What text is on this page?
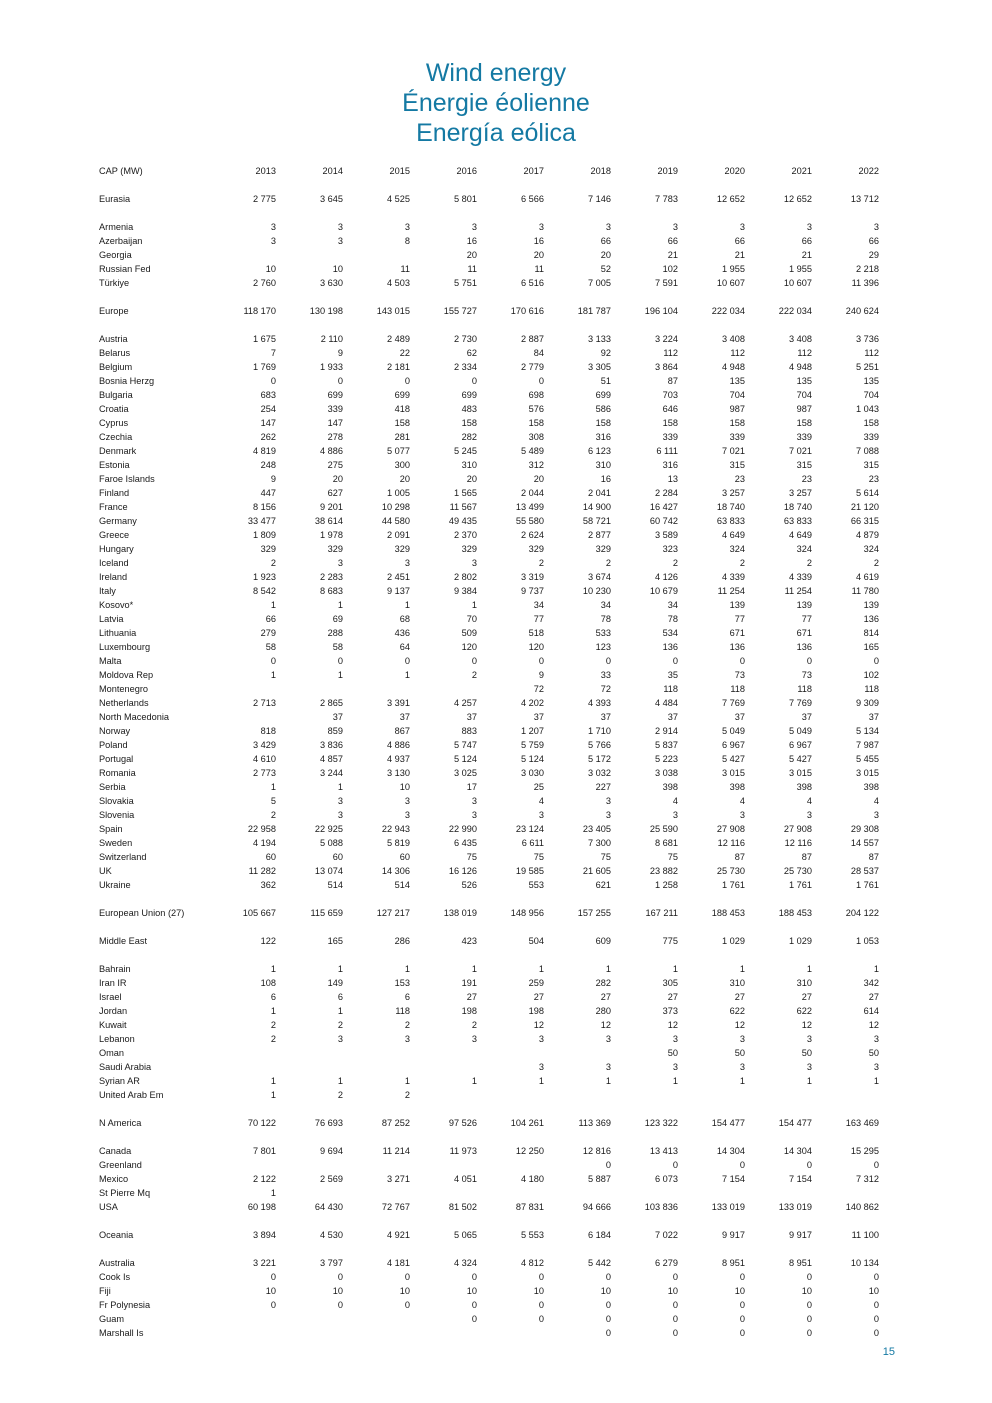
Wind energy
Énergie éolienne
Energía eólica
CAP (MW)	2013	2014	2015	2016	2017	2018	2019	2020	2021	2022

Eurasia	2 775	3 645	4 525	5 801	6 566	7 146	7 783	12 652	12 652	13 712

Armenia	3	3	3	3	3	3	3	3	3	3
Azerbaijan	3	3	8	16	16	66	66	66	66	66
Georgia				20	20	20	21	21	21	29
Russian Fed	10	10	11	11	11	52	102	1 955	1 955	2 218
Türkiye	2 760	3 630	4 503	5 751	6 516	7 005	7 591	10 607	10 607	11 396

Europe	118 170	130 198	143 015	155 727	170 616	181 787	196 104	222 034	222 034	240 624

Austria	1 675	2 110	2 489	2 730	2 887	3 133	3 224	3 408	3 408	3 736
Belarus	7	9	22	62	84	92	112	112	112	112
Belgium	1 769	1 933	2 181	2 334	2 779	3 305	3 864	4 948	4 948	5 251
Bosnia Herzg	0	0	0	0	0	51	87	135	135	135
Bulgaria	683	699	699	699	698	699	703	704	704	704
Croatia	254	339	418	483	576	586	646	987	987	1 043
Cyprus	147	147	158	158	158	158	158	158	158	158
Czechia	262	278	281	282	308	316	339	339	339	339
Denmark	4 819	4 886	5 077	5 245	5 489	6 123	6 111	7 021	7 021	7 088
Estonia	248	275	300	310	312	310	316	315	315	315
Faroe Islands	9	20	20	20	20	16	13	23	23	23
Finland	447	627	1 005	1 565	2 044	2 041	2 284	3 257	3 257	5 614
France	8 156	9 201	10 298	11 567	13 499	14 900	16 427	18 740	18 740	21 120
Germany	33 477	38 614	44 580	49 435	55 580	58 721	60 742	63 833	63 833	66 315
Greece	1 809	1 978	2 091	2 370	2 624	2 877	3 589	4 649	4 649	4 879
Hungary	329	329	329	329	329	329	323	324	324	324
Iceland	2	3	3	3	2	2	2	2	2	2
Ireland	1 923	2 283	2 451	2 802	3 319	3 674	4 126	4 339	4 339	4 619
Italy	8 542	8 683	9 137	9 384	9 737	10 230	10 679	11 254	11 254	11 780
Kosovo*	1	1	1	1	34	34	34	139	139	139
Latvia	66	69	68	70	77	78	78	77	77	136
Lithuania	279	288	436	509	518	533	534	671	671	814
Luxembourg	58	58	64	120	120	123	136	136	136	165
Malta	0	0	0	0	0	0	0	0	0	0
Moldova Rep	1	1	1	2	9	33	35	73	73	102
Montenegro					72	72	118	118	118	118
Netherlands	2 713	2 865	3 391	4 257	4 202	4 393	4 484	7 769	7 769	9 309
North Macedonia		37	37	37	37	37	37	37	37	37
Norway	818	859	867	883	1 207	1 710	2 914	5 049	5 049	5 134
Poland	3 429	3 836	4 886	5 747	5 759	5 766	5 837	6 967	6 967	7 987
Portugal	4 610	4 857	4 937	5 124	5 124	5 172	5 223	5 427	5 427	5 455
Romania	2 773	3 244	3 130	3 025	3 030	3 032	3 038	3 015	3 015	3 015
Serbia	1	1	10	17	25	227	398	398	398	398
Slovakia	5	3	3	3	4	3	4	4	4	4
Slovenia	2	3	3	3	3	3	3	3	3	3
Spain	22 958	22 925	22 943	22 990	23 124	23 405	25 590	27 908	27 908	29 308
Sweden	4 194	5 088	5 819	6 435	6 611	7 300	8 681	12 116	12 116	14 557
Switzerland	60	60	60	75	75	75	75	87	87	87
UK	11 282	13 074	14 306	16 126	19 585	21 605	23 882	25 730	25 730	28 537
Ukraine	362	514	514	526	553	621	1 258	1 761	1 761	1 761

European Union (27)	105 667	115 659	127 217	138 019	148 956	157 255	167 211	188 453	188 453	204 122

Middle East	122	165	286	423	504	609	775	1 029	1 029	1 053

Bahrain	1	1	1	1	1	1	1	1	1	1
Iran IR	108	149	153	191	259	282	305	310	310	342
Israel	6	6	6	27	27	27	27	27	27	27
Jordan	1	1	118	198	198	280	373	622	622	614
Kuwait	2	2	2	2	12	12	12	12	12	12
Lebanon	2	3	3	3	3	3	3	3	3	3
Oman							50	50	50	50
Saudi Arabia					3	3	3	3	3	3
Syrian AR	1	1	1	1	1	1	1	1	1	1
United Arab Em	1	2	2							

N America	70 122	76 693	87 252	97 526	104 261	113 369	123 322	154 477	154 477	163 469

Canada	7 801	9 694	11 214	11 973	12 250	12 816	13 413	14 304	14 304	15 295
Greenland						0	0	0	0	0
Mexico	2 122	2 569	3 271	4 051	4 180	5 887	6 073	7 154	7 154	7 312
St Pierre Mq	1									
USA	60 198	64 430	72 767	81 502	87 831	94 666	103 836	133 019	133 019	140 862

Oceania	3 894	4 530	4 921	5 065	5 553	6 184	7 022	9 917	9 917	11 100

Australia	3 221	3 797	4 181	4 324	4 812	5 442	6 279	8 951	8 951	10 134
Cook Is	0	0	0	0	0	0	0	0	0	0
Fiji	10	10	10	10	10	10	10	10	10	10
Fr Polynesia	0	0	0	0	0	0	0	0	0	0
Guam				0	0	0	0	0	0	0
Marshall Is						0	0	0	0	0
15
